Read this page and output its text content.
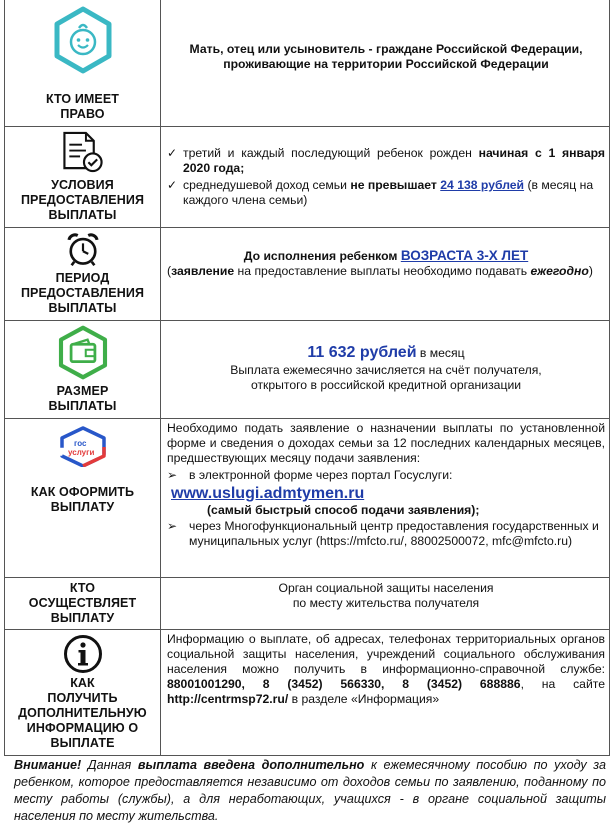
КТО ИМЕЕТ
ПРАВО
Мать, отец или усыновитель - граждане Российской Федерации,
проживающие на территории Российской Федерации
УСЛОВИЯ
ПРЕДОСТАВЛЕНИЯ
ВЫПЛАТЫ
✓ третий и каждый последующий ребенок рожден начиная с 1 января 2020 года;
✓ среднедушевой доход семьи не превышает 24 138 рублей (в месяц на каждого члена семьи)
ПЕРИОД
ПРЕДОСТАВЛЕНИЯ
ВЫПЛАТЫ
До исполнения ребенком ВОЗРАСТА 3-Х ЛЕТ
(заявление на предоставление выплаты необходимо подавать ежегодно)
РАЗМЕР
ВЫПЛАТЫ
11 632 рублей в месяц
Выплата ежемесячно зачисляется на счёт получателя,
открытого в российской кредитной организации
гос
услуги
КАК ОФОРМИТЬ
ВЫПЛАТУ
Необходимо подать заявление о назначении выплаты по установленной форме и сведения о доходах семьи за 12 последних календарных месяцев, предшествующих месяцу подачи заявления:
➢ в электронной форме через портал Госуслуги:
www.uslugi.admtymen.ru
(самый быстрый способ подачи заявления);
➢ через Многофункциональный центр предоставления государственных и муниципальных услуг (https://mfcto.ru/, 88002500072, mfc@mfcto.ru)
КТО
ОСУЩЕСТВЛЯЕТ
ВЫПЛАТУ
Орган социальной защиты населения
по месту жительства получателя
КАК
ПОЛУЧИТЬ
ДОПОЛНИТЕЛЬНУЮ
ИНФОРМАЦИЮ О
ВЫПЛАТЕ
Информацию о выплате, об адресах, телефонах территориальных органов социальной защиты населения, учреждений социального обслуживания населения можно получить в информационно-справочной службе: 88001001290, 8 (3452) 566330, 8 (3452) 688886, на сайте http://centrmsp72.ru/ в разделе «Информация»
Внимание! Данная выплата введена дополнительно к ежемесячному пособию по уходу за ребенком, которое предоставляется независимо от доходов семьи по заявлению, поданному по месту работы (службы), а для неработающих, учащихся - в органе социальной защиты населения по месту жительства.
